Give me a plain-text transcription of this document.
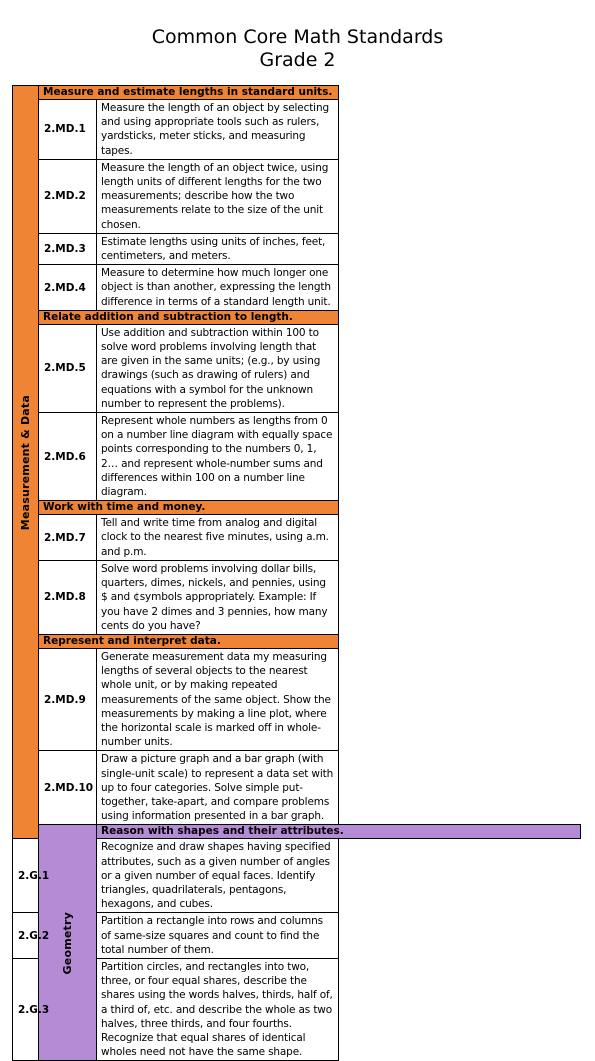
Common Core Math Standards
Grade 2
Measurement & Data	Measure and estimate lengths in standard units.	
	2.MD.1	Measure the length of an object by selecting and using appropriate tools such as rulers, yardsticks, meter sticks, and measuring tapes.
	2.MD.2	Measure the length of an object twice, using length units of different lengths for the two measurements; describe how the two measurements relate to the size of the unit chosen.
	2.MD.3	Estimate lengths using units of inches, feet, centimeters, and meters.
	2.MD.4	Measure to determine how much longer one object is than another, expressing the length difference in terms of a standard length unit.
	Relate addition and subtraction to length.	
	2.MD.5	Use addition and subtraction within 100 to solve word problems involving length that are given in the same units; (e.g., by using drawings (such as drawing of rulers) and equations with a symbol for the unknown number to represent the problems).
	2.MD.6	Represent whole numbers as lengths from 0 on a number line diagram with equally space points corresponding to the numbers 0, 1, 2… and represent whole-number sums and differences within 100 on a number line diagram.
	Work with time and money.	
	2.MD.7	Tell and write time from analog and digital clock to the nearest five minutes, using a.m. and p.m.
	2.MD.8	Solve word problems involving dollar bills, quarters, dimes, nickels, and pennies, using $ and ¢symbols appropriately. Example: If you have 2 dimes and 3 pennies, how many cents do you have?
	Represent and interpret data.	
	2.MD.9	Generate measurement data my measuring lengths of several objects to the nearest whole unit, or by making repeated measurements of the same object. Show the measurements by making a line plot, where the horizontal scale is marked off in whole-number units.
	2.MD.10	Draw a picture graph and a bar graph (with single-unit scale) to represent a data set with up to four categories. Solve simple put-together, take-apart, and compare problems using information presented in a bar graph.

	Geometry	Reason with shapes and their attributes.
2.G.1		Recognize and draw shapes having specified attributes, such as a given number of angles or a given number of equal faces. Identify triangles, quadrilaterals, pentagons, hexagons, and cubes.
2.G.2		Partition a rectangle into rows and columns of same-size squares and count to find the total number of them.
2.G.3		Partition circles, and rectangles into two, three, or four equal shares, describe the shares using the words halves, thirds, half of, a third of, etc. and describe the whole as two halves, three thirds, and four fourths. Recognize that equal shares of identical wholes need not have the same shape.
